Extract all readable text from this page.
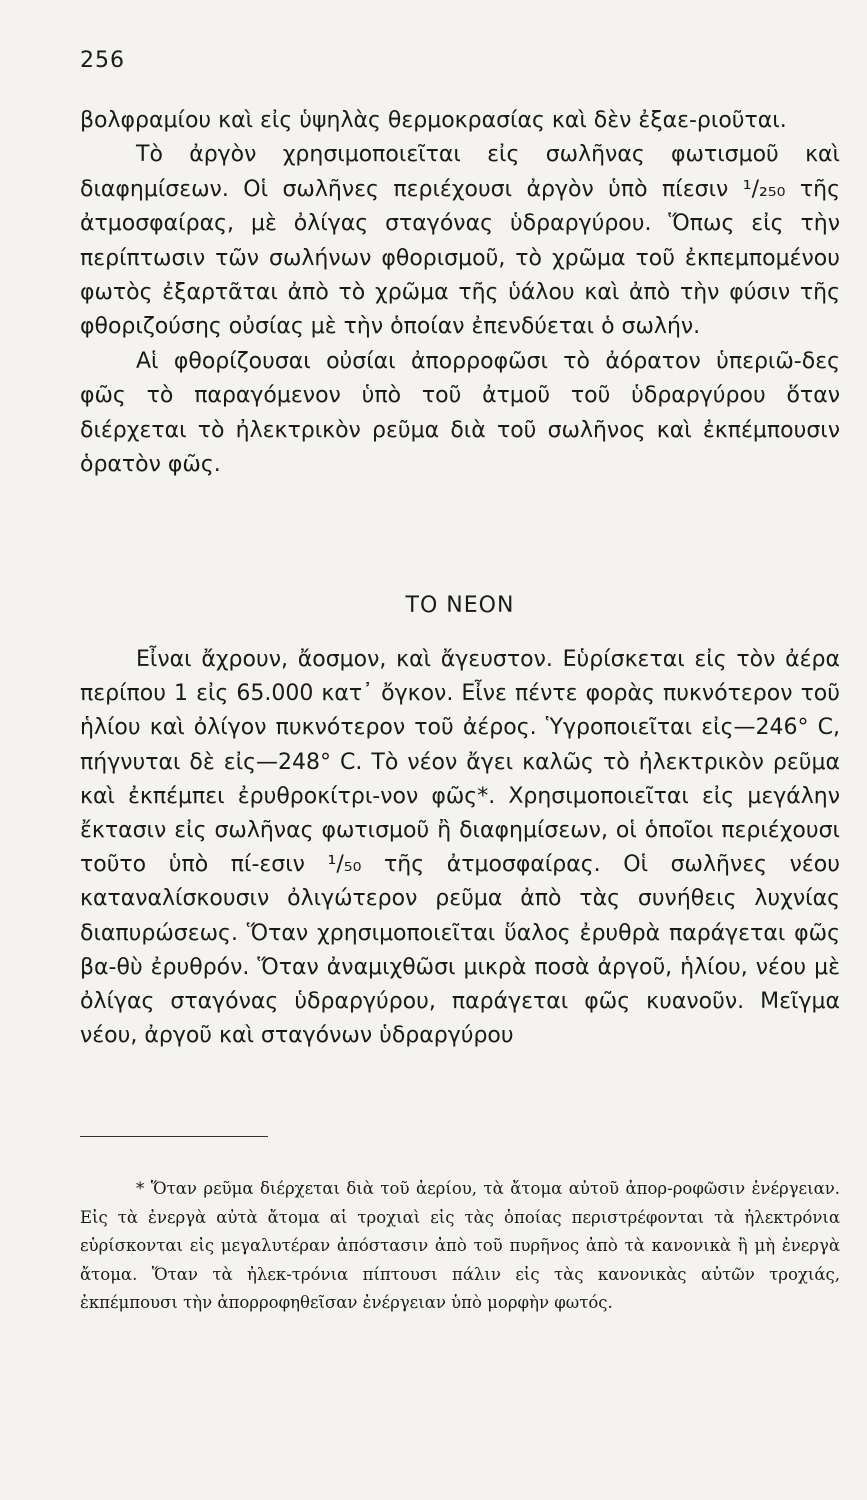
256

βολφραμίου καὶ εἰς ὑψηλὰς θερμοκρασίας καὶ δὲν ἐξαε-ριοῦται.

Τὸ ἀργὸν χρησιμοποιεῖται εἰς σωλῆνας φωτισμοῦ καὶ διαφημίσεων. Οἱ σωλῆνες περιέχουσι ἀργὸν ὑπὸ πίεσιν ¹/₂₅₀ τῆς ἀτμοσφαίρας, μὲ ὀλίγας σταγόνας ὑδραργύρου. Ὅπως εἰς τὴν περίπτωσιν τῶν σωλήνων φθορισμοῦ, τὸ χρῶμα τοῦ ἐκπεμπομένου φωτὸς ἐξαρτᾶται ἀπὸ τὸ χρῶμα τῆς ὑάλου καὶ ἀπὸ τὴν φύσιν τῆς φθοριζούσης οὐσίας μὲ τὴν ὁποίαν ἐπενδύεται ὁ σωλήν.

Αἱ φθορίζουσαι οὐσίαι ἀπορροφῶσι τὸ ἀόρατον ὑπεριῶ-δες φῶς τὸ παραγόμενον ὑπὸ τοῦ ἀτμοῦ τοῦ ὑδραργύρου ὅταν διέρχεται τὸ ἠλεκτρικὸν ρεῦμα διὰ τοῦ σωλῆνος καὶ ἐκπέμπουσιν ὁρατὸν φῶς.

ΤΟ ΝΕΟΝ

Εἶναι ἄχρουν, ἄοσμον, καὶ ἄγευστον. Εὑρίσκεται εἰς τὸν ἀέρα περίπου 1 εἰς 65.000 κατ᾽ ὄγκον. Εἶνε πέντε φορὰς πυκνότερον τοῦ ἡλίου καὶ ὀλίγον πυκνότερον τοῦ ἀέρος. Ὑγροποιεῖται εἰς—246° C, πήγνυται δὲ εἰς—248° C. Τὸ νέον ἄγει καλῶς τὸ ἠλεκτρικὸν ρεῦμα καὶ ἐκπέμπει ἐρυθροκίτρι-νον φῶς*. Χρησιμοποιεῖται εἰς μεγάλην ἔκτασιν εἰς σωλῆνας φωτισμοῦ ἢ διαφημίσεων, οἱ ὁποῖοι περιέχουσι τοῦτο ὑπὸ πί-εσιν ¹/₅₀ τῆς ἀτμοσφαίρας. Οἱ σωλῆνες νέου καταναλίσκουσιν ὀλιγώτερον ρεῦμα ἀπὸ τὰς συνήθεις λυχνίας διαπυρώσεως. Ὅταν χρησιμοποιεῖται ὕαλος ἐρυθρὰ παράγεται φῶς βα-θὺ ἐρυθρόν. Ὅταν ἀναμιχθῶσι μικρὰ ποσὰ ἀργοῦ, ἡλίου, νέου μὲ ὀλίγας σταγόνας ὑδραργύρου, παράγεται φῶς κυανοῦν. Μεῖγμα νέου, ἀργοῦ καὶ σταγόνων ὑδραργύρου

* Ὅταν ρεῦμα διέρχεται διὰ τοῦ ἀερίου, τὰ ἄτομα αὐτοῦ ἀπορ-ροφῶσιν ἐνέργειαν. Εἰς τὰ ἐνεργὰ αὐτὰ ἄτομα αἱ τροχιαὶ εἰς τὰς ὁποίας περιστρέφονται τὰ ἠλεκτρόνια εὑρίσκονται εἰς μεγαλυτέραν ἀπόστασιν ἀπὸ τοῦ πυρῆνος ἀπὸ τὰ κανονικὰ ἢ μὴ ἐνεργὰ ἄτομα. Ὅταν τὰ ἠλεκ-τρόνια πίπτουσι πάλιν εἰς τὰς κανονικὰς αὐτῶν τροχιάς, ἐκπέμπουσι τὴν ἀπορροφηθεῖσαν ἐνέργειαν ὑπὸ μορφὴν φωτός.
